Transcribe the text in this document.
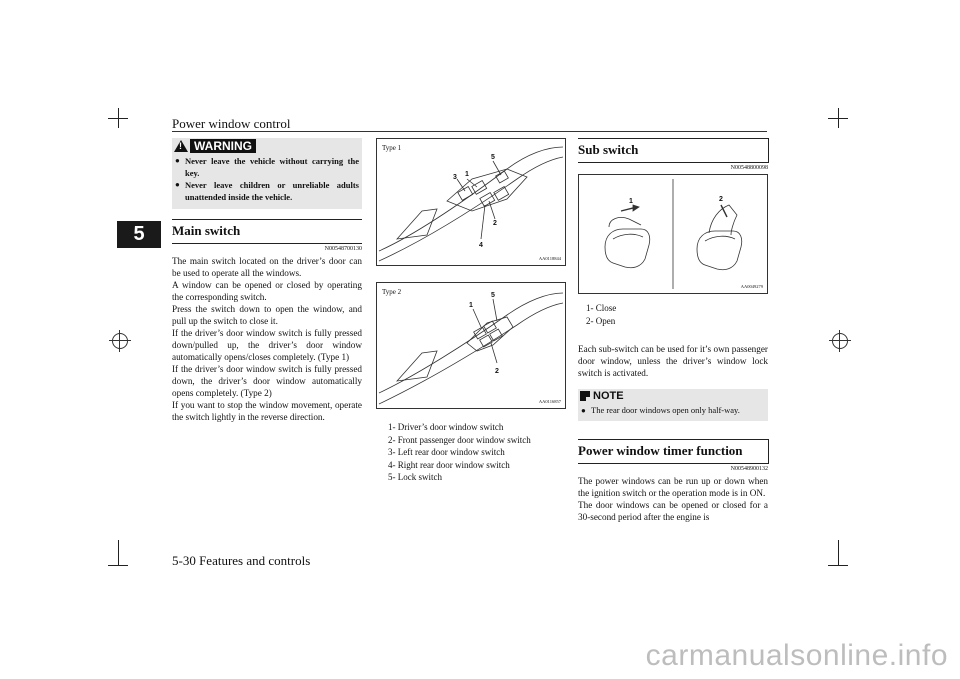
Power window control
5
!	WARNING
● Never leave the vehicle without carrying the key.
● Never leave children or unreliable adults unattended inside the vehicle.
Main switch
N00548700130
The main switch located on the driver’s door can be used to operate all the windows.
A window can be opened or closed by operating the corresponding switch.
Press the switch down to open the window, and pull up the switch to close it.
If the driver’s door window switch is fully pressed down/pulled up, the driver’s door window automatically opens/closes completely. (Type 1)
If the driver’s door window switch is fully pressed down, the driver’s door window automatically opens completely. (Type 2)
If you want to stop the window movement, operate the switch lightly in the reverse direction.
Type 1
1
2
3
4
5
AA0118844
Type 2
1
2
5
AA0116857
1- Driver’s door window switch
2- Front passenger door window switch
3- Left rear door window switch
4- Right rear door window switch
5- Lock switch
Sub switch
N00548800098
1	2
AA0049279
1- Close
2- Open
Each sub-switch can be used for it’s own passenger door window, unless the driver’s window lock switch is activated.
NOTE
● The rear door windows open only half-way.
Power window timer function
N00548900132
The power windows can be run up or down when the ignition switch or the operation mode is in ON.
The door windows can be opened or closed for a 30-second period after the engine is
5-30 Features and controls
carmanualsonline.info
